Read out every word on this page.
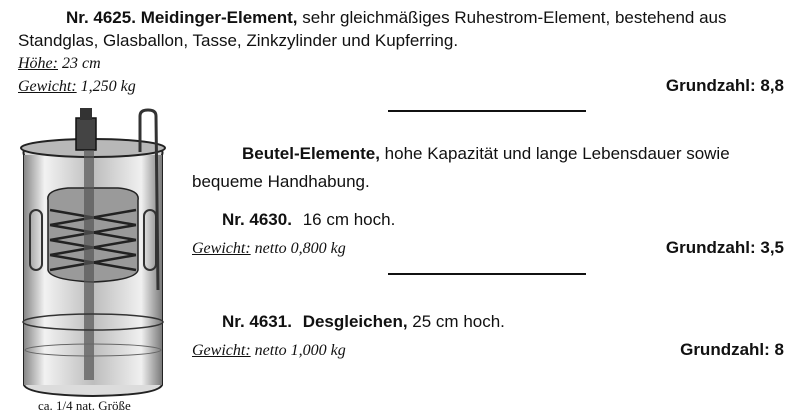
Nr. 4625. Meidinger-Element, sehr gleichmäßiges Ruhestrom-Element, bestehend aus
Standglas, Glasballon, Tasse, Zinkzylinder und Kupferring.
Höhe: 23 cm
Gewicht: 1,250 kg	Grundzahl: 8,8
ca. 1/4 nat. Größe
Beutel-Elemente, hohe Kapazität und lange Lebensdauer sowie
bequeme Handhabung.
Nr. 4630. 16 cm hoch.
Gewicht: netto 0,800 kg	Grundzahl: 3,5
Nr. 4631. Desgleichen, 25 cm hoch.
Gewicht: netto 1,000 kg	Grundzahl: 8
